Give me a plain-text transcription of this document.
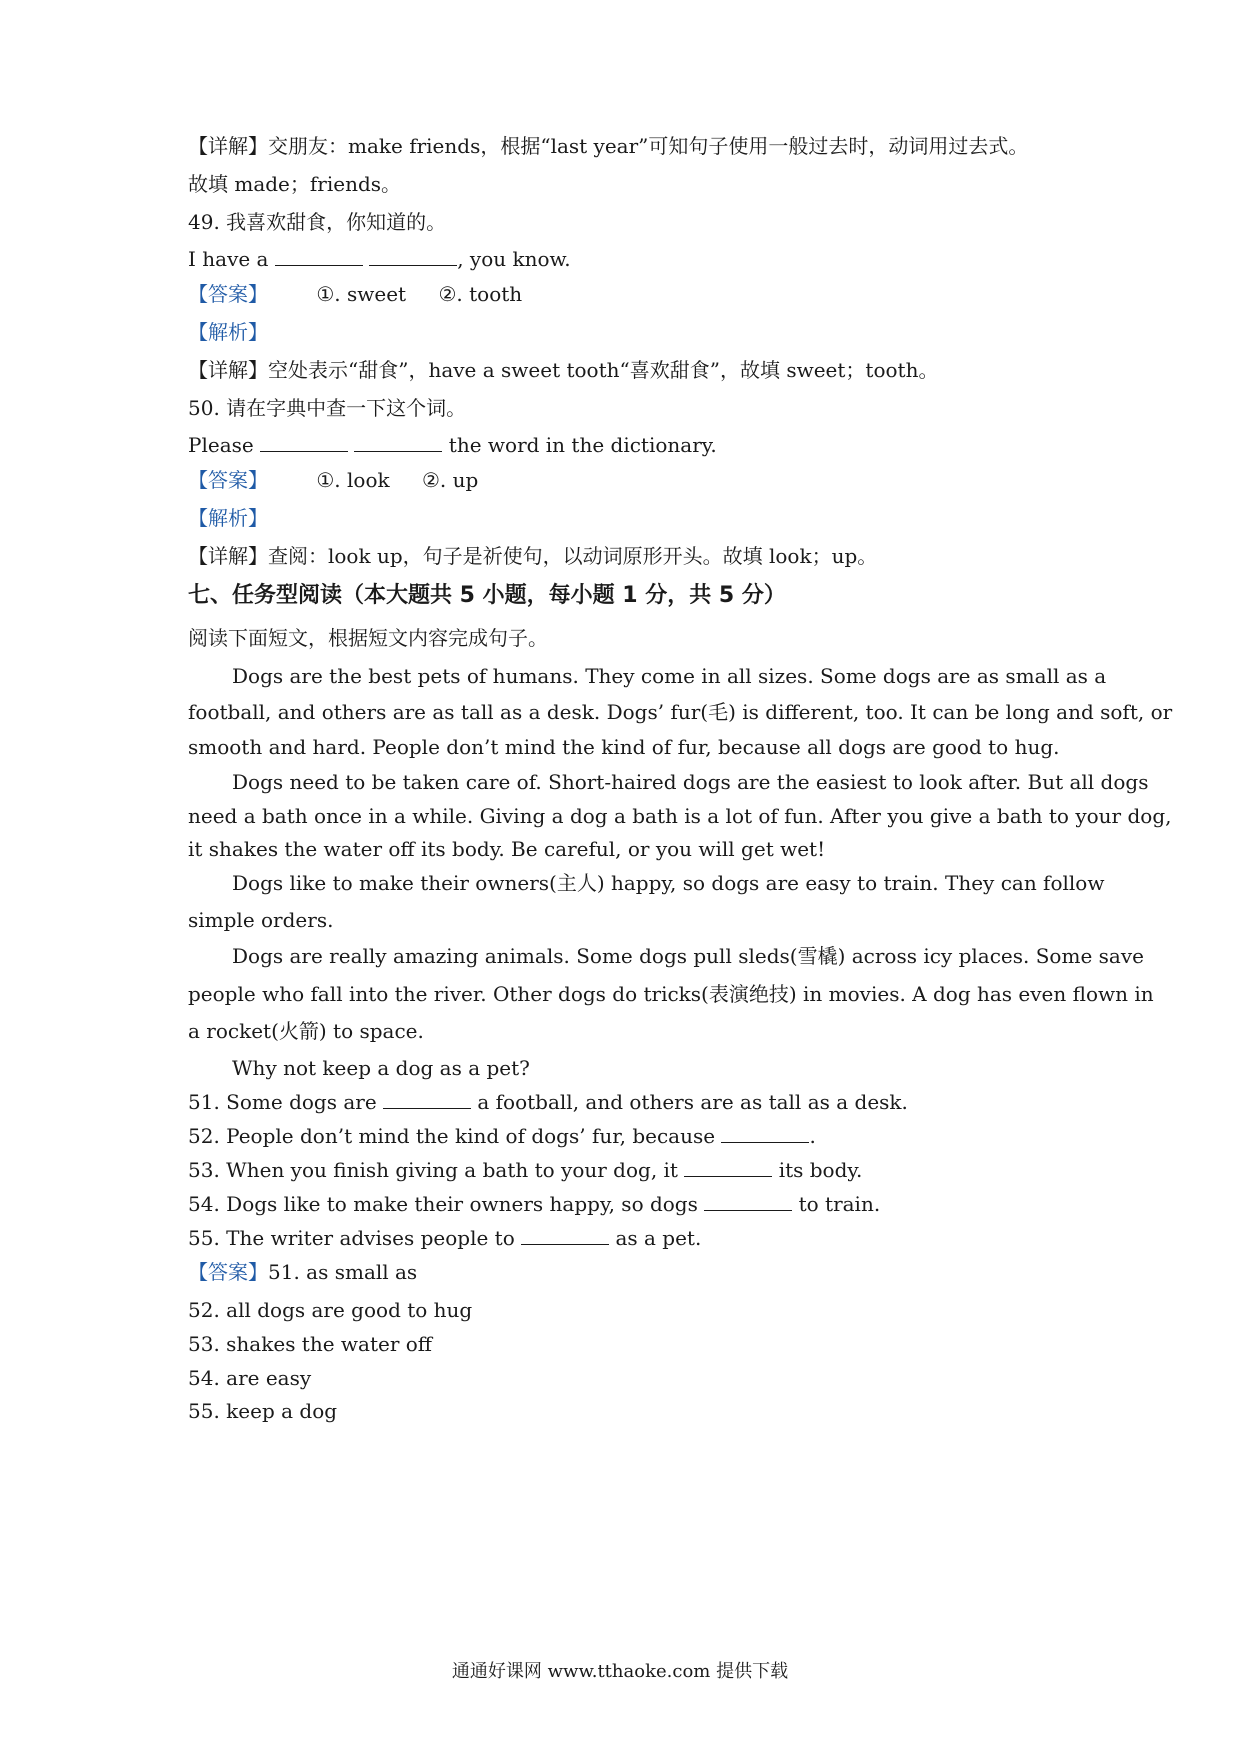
【详解】交朋友：make friends，根据“last year”可知句子使用一般过去时，动词用过去式。
故填 made；friends。
49. 我喜欢甜食，你知道的。
I have a	, you know.
【答案】 ①. sweet ②. tooth
【解析】
【详解】空处表示“甜食”，have a sweet tooth“喜欢甜食”，故填 sweet；tooth。
50. 请在字典中查一下这个词。
Please	the word in the dictionary.
【答案】 ①. look ②. up
【解析】
【详解】查阅：look up，句子是祈使句，以动词原形开头。故填 look；up。
七、任务型阅读（本大题共 5 小题，每小题 1 分，共 5 分）
阅读下面短文，根据短文内容完成句子。
Dogs are the best pets of humans. They come in all sizes. Some dogs are as small as a
football, and others are as tall as a desk. Dogs’ fur(毛) is different, too. It can be long and soft, or
smooth and hard. People don’t mind the kind of fur, because all dogs are good to hug.
Dogs need to be taken care of. Short-haired dogs are the easiest to look after. But all dogs
need a bath once in a while. Giving a dog a bath is a lot of fun. After you give a bath to your dog,
it shakes the water off its body. Be careful, or you will get wet!
Dogs like to make their owners(主人) happy, so dogs are easy to train. They can follow
simple orders.
Dogs are really amazing animals. Some dogs pull sleds(雪橇) across icy places. Some save
people who fall into the river. Other dogs do tricks(表演绝技) in movies. A dog has even flown in
a rocket(火箭) to space.
Why not keep a dog as a pet?
51. Some dogs are	a football, and others are as tall as a desk.
52. People don’t mind the kind of dogs’ fur, because	.
53. When you finish giving a bath to your dog, it	its body.
54. Dogs like to make their owners happy, so dogs	to train.
55. The writer advises people to	as a pet.
【答案】51. as small as
52. all dogs are good to hug
53. shakes the water off
54. are easy
55. keep a dog
通通好课网 www.tthaoke.com 提供下载
